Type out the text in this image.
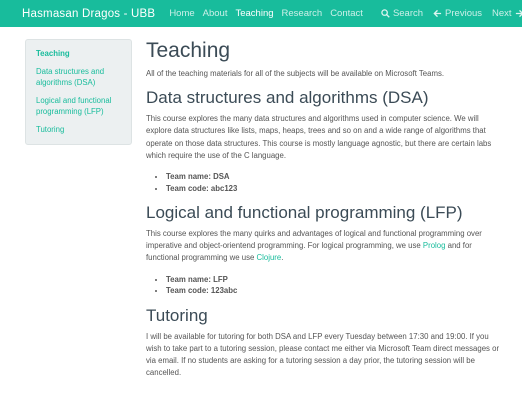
Hasmasan Dragos - UBB Home About Teaching Research Contact	Search Previous Next
Teaching
Data structures and algorithms (DSA)
Logical and functional programming (LFP)
Tutoring
Teaching

All of the teaching materials for all of the subjects will be available on Microsoft Teams.

Data structures and algorithms (DSA)

This course explores the many data structures and algorithms used in computer science. We will explore data structures like lists, maps, heaps, trees and so on and a wide range of algorithms that operate on those data structures. This course is mostly language agnostic, but there are certain labs which require the use of the C language.

• Team name: DSA
• Team code: abc123
Logical and functional programming (LFP)

This course explores the many quirks and advantages of logical and functional programming over imperative and object-orientend programming. For logical programming, we use Prolog and for functional programming we use Clojure.

• Team name: LFP
• Team code: 123abc
Tutoring

I will be available for tutoring for both DSA and LFP every Tuesday between 17:30 and 19:00. If you wish to take part to a tutoring session, please contact me either via Microsoft Team direct messages or via email. If no students are asking for a tutoring session a day prior, the tutoring session will be cancelled.
